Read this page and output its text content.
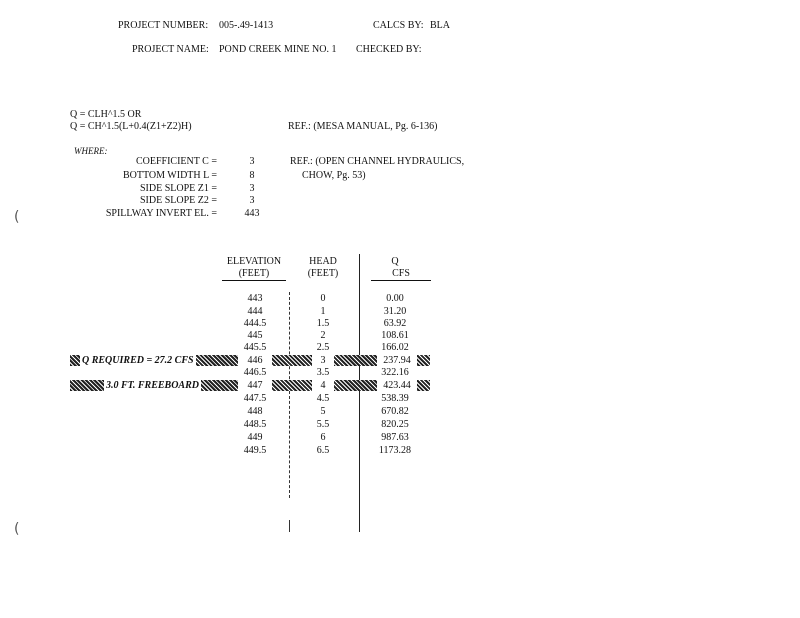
PROJECT NUMBER: 005-.49-1413	CALCS BY: BLA
PROJECT NAME: POND CREEK MINE NO. 1 CHECKED BY:
Q = CLH^1.5 OR
Q = CH^1.5(L+0.4(Z1+Z2)H)	REF.: (MESA MANUAL, Pg. 6-136)
WHERE:
COEFFICIENT C =	3
BOTTOM WIDTH L =	8
SIDE SLOPE Z1 =	3
SIDE SLOPE Z2 =	3
SPILLWAY INVERT EL. =	443
REF.: (OPEN CHANNEL HYDRAULICS,
CHOW, Pg. 53)
ELEVATION
(FEET)
HEAD
(FEET)
Q
CFS
443	0	0.00
444	1	31.20
444.5	1.5	63.92
445	2	108.61
445.5	2.5	166.02
Q REQUIRED = 27.2 CFS	446	3	237.94
446.5	3.5	322.16
3.0 FT. FREEBOARD	447	4	423.44
447.5	4.5	538.39
448	5	670.82
448.5	5.5	820.25
449	6	987.63
449.5	6.5	1173.28
(
(
